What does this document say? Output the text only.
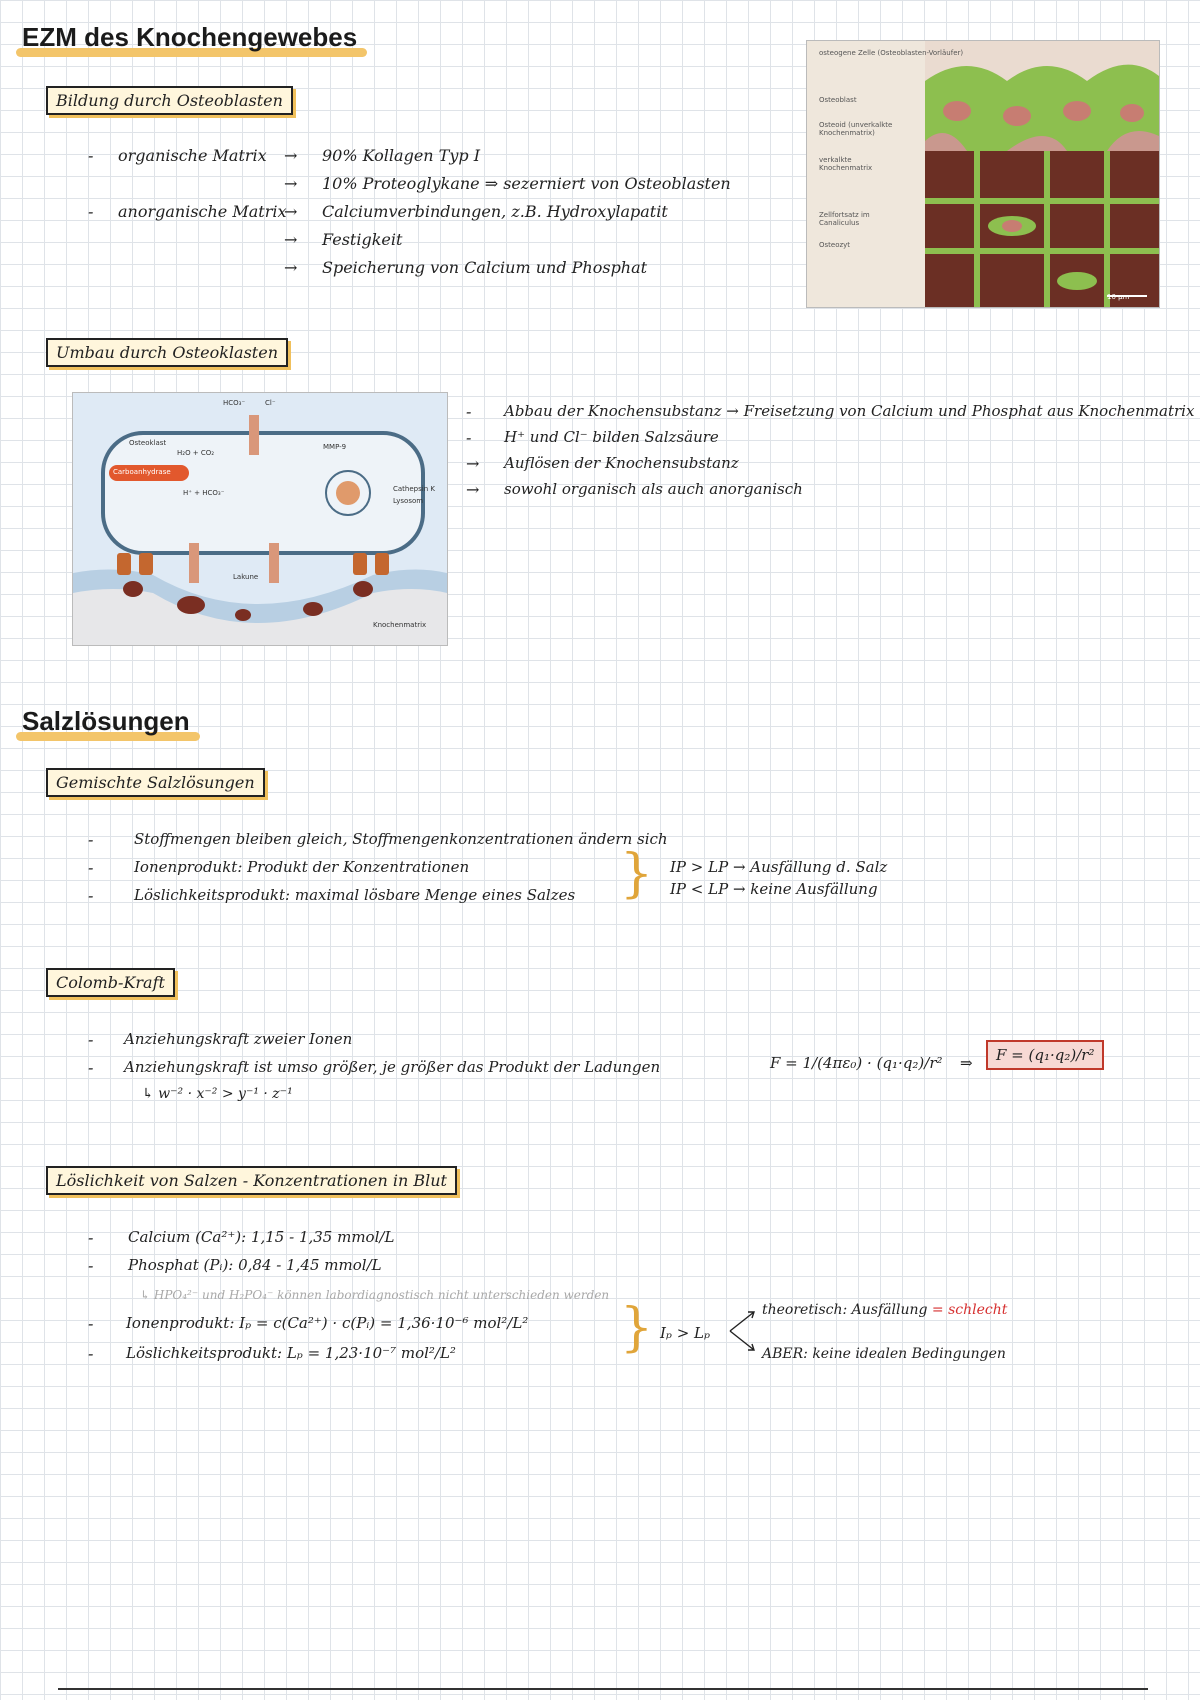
EZM des Knochengewebes
Bildung durch Osteoblasten
- organische Matrix → 90% Kollagen Typ I
→ 10% Proteoglykane ⇒ sezerniert von Osteoblasten
- anorganische Matrix
→ Calciumverbindungen, z.B. Hydroxylapatit
→ Festigkeit
→ Speicherung von Calcium und Phosphat
osteogene Zelle (Osteoblasten-Vorläufer)
Osteoblast
Osteoid (unverkalkte Knochenmatrix)
verkalkte Knochenmatrix
Zellfortsatz im Canaliculus
Osteozyt
10 µm
Umbau durch Osteoklasten
Osteoklast
H₂O + CO₂
Carboanhydrase
H⁺ + HCO₃⁻
HCO₃⁻	Cl⁻
MMP-9
Cathepsin K
Lysosom
Lakune
Knochenmatrix
- Abbau der Knochensubstanz → Freisetzung von Calcium und Phosphat aus Knochenmatrix
- H⁺ und Cl⁻ bilden Salzsäure
→ Auflösen der Knochensubstanz
→ sowohl organisch als auch anorganisch
Salzlösungen
Gemischte Salzlösungen
-	Stoffmengen bleiben gleich, Stoffmengenkonzentrationen ändern sich
-	Ionenprodukt: Produkt der Konzentrationen
-	Löslichkeitsprodukt: maximal lösbare Menge eines Salzes } IP > LP → Ausfällung d. Salz
IP < LP → keine Ausfällung
Colomb-Kraft
- Anziehungskraft zweier Ionen
- Anziehungskraft ist umso größer, je größer das Produkt der Ladungen
↳ w⁻² · x⁻² > y⁻¹ · z⁻¹
F = 1/(4πε₀) · (q₁·q₂)/r² ⇒	F = (q₁·q₂)/r²
Löslichkeit von Salzen - Konzentrationen in Blut
- Calcium (Ca²⁺): 1,15 - 1,35 mmol/L
- Phosphat (Pᵢ): 0,84 - 1,45 mmol/L
↳ HPO₄²⁻ und H₂PO₄⁻ können labordiagnostisch nicht unterschieden werden
- Ionenprodukt: Iₚ = c(Ca²⁺) · c(Pᵢ) = 1,36·10⁻⁶ mol²/L²
- Löslichkeitsprodukt: Lₚ = 1,23·10⁻⁷ mol²/L²	} Iₚ > Lₚ
theoretisch: Ausfällung = schlecht
ABER: keine idealen Bedingungen
